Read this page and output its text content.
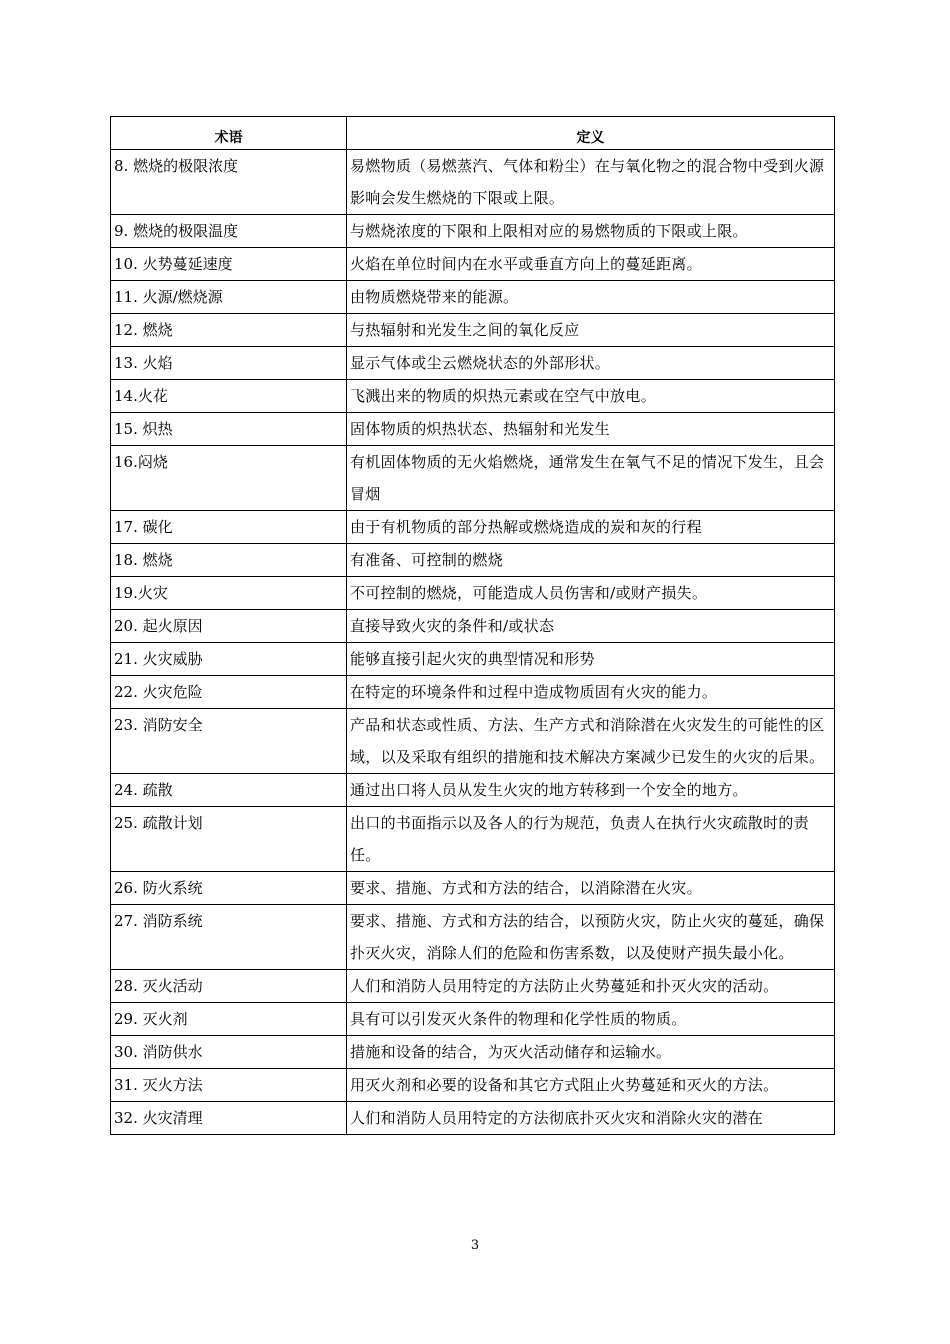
术语	定义
8. 燃烧的极限浓度	易燃物质（易燃蒸汽、气体和粉尘）在与氧化物之的混合物中受到火源影响会发生燃烧的下限或上限。
9. 燃烧的极限温度	与燃烧浓度的下限和上限相对应的易燃物质的下限或上限。
10. 火势蔓延速度	火焰在单位时间内在水平或垂直方向上的蔓延距离。
11. 火源/燃烧源	由物质燃烧带来的能源。
12. 燃烧	与热辐射和光发生之间的氧化反应
13. 火焰	显示气体或尘云燃烧状态的外部形状。
14.火花	飞溅出来的物质的炽热元素或在空气中放电。
15. 炽热	固体物质的炽热状态、热辐射和光发生
16.闷烧	有机固体物质的无火焰燃烧，通常发生在氧气不足的情况下发生，且会冒烟
17. 碳化	由于有机物质的部分热解或燃烧造成的炭和灰的行程
18. 燃烧	有准备、可控制的燃烧
19.火灾	不可控制的燃烧，可能造成人员伤害和/或财产损失。
20. 起火原因	直接导致火灾的条件和/或状态
21. 火灾威胁	能够直接引起火灾的典型情况和形势
22. 火灾危险	在特定的环境条件和过程中造成物质固有火灾的能力。
23. 消防安全	产品和状态或性质、方法、生产方式和消除潜在火灾发生的可能性的区域，以及采取有组织的措施和技术解决方案减少已发生的火灾的后果。
24. 疏散	通过出口将人员从发生火灾的地方转移到一个安全的地方。
25. 疏散计划	出口的书面指示以及各人的行为规范，负责人在执行火灾疏散时的责任。
26. 防火系统	要求、措施、方式和方法的结合，以消除潜在火灾。
27. 消防系统	要求、措施、方式和方法的结合，以预防火灾，防止火灾的蔓延，确保扑灭火灾，消除人们的危险和伤害系数，以及使财产损失最小化。
28. 灭火活动	人们和消防人员用特定的方法防止火势蔓延和扑灭火灾的活动。
29. 灭火剂	具有可以引发灭火条件的物理和化学性质的物质。
30. 消防供水	措施和设备的结合，为灭火活动储存和运输水。
31. 灭火方法	用灭火剂和必要的设备和其它方式阻止火势蔓延和灭火的方法。
32. 火灾清理	人们和消防人员用特定的方法彻底扑灭火灾和消除火灾的潜在
3
